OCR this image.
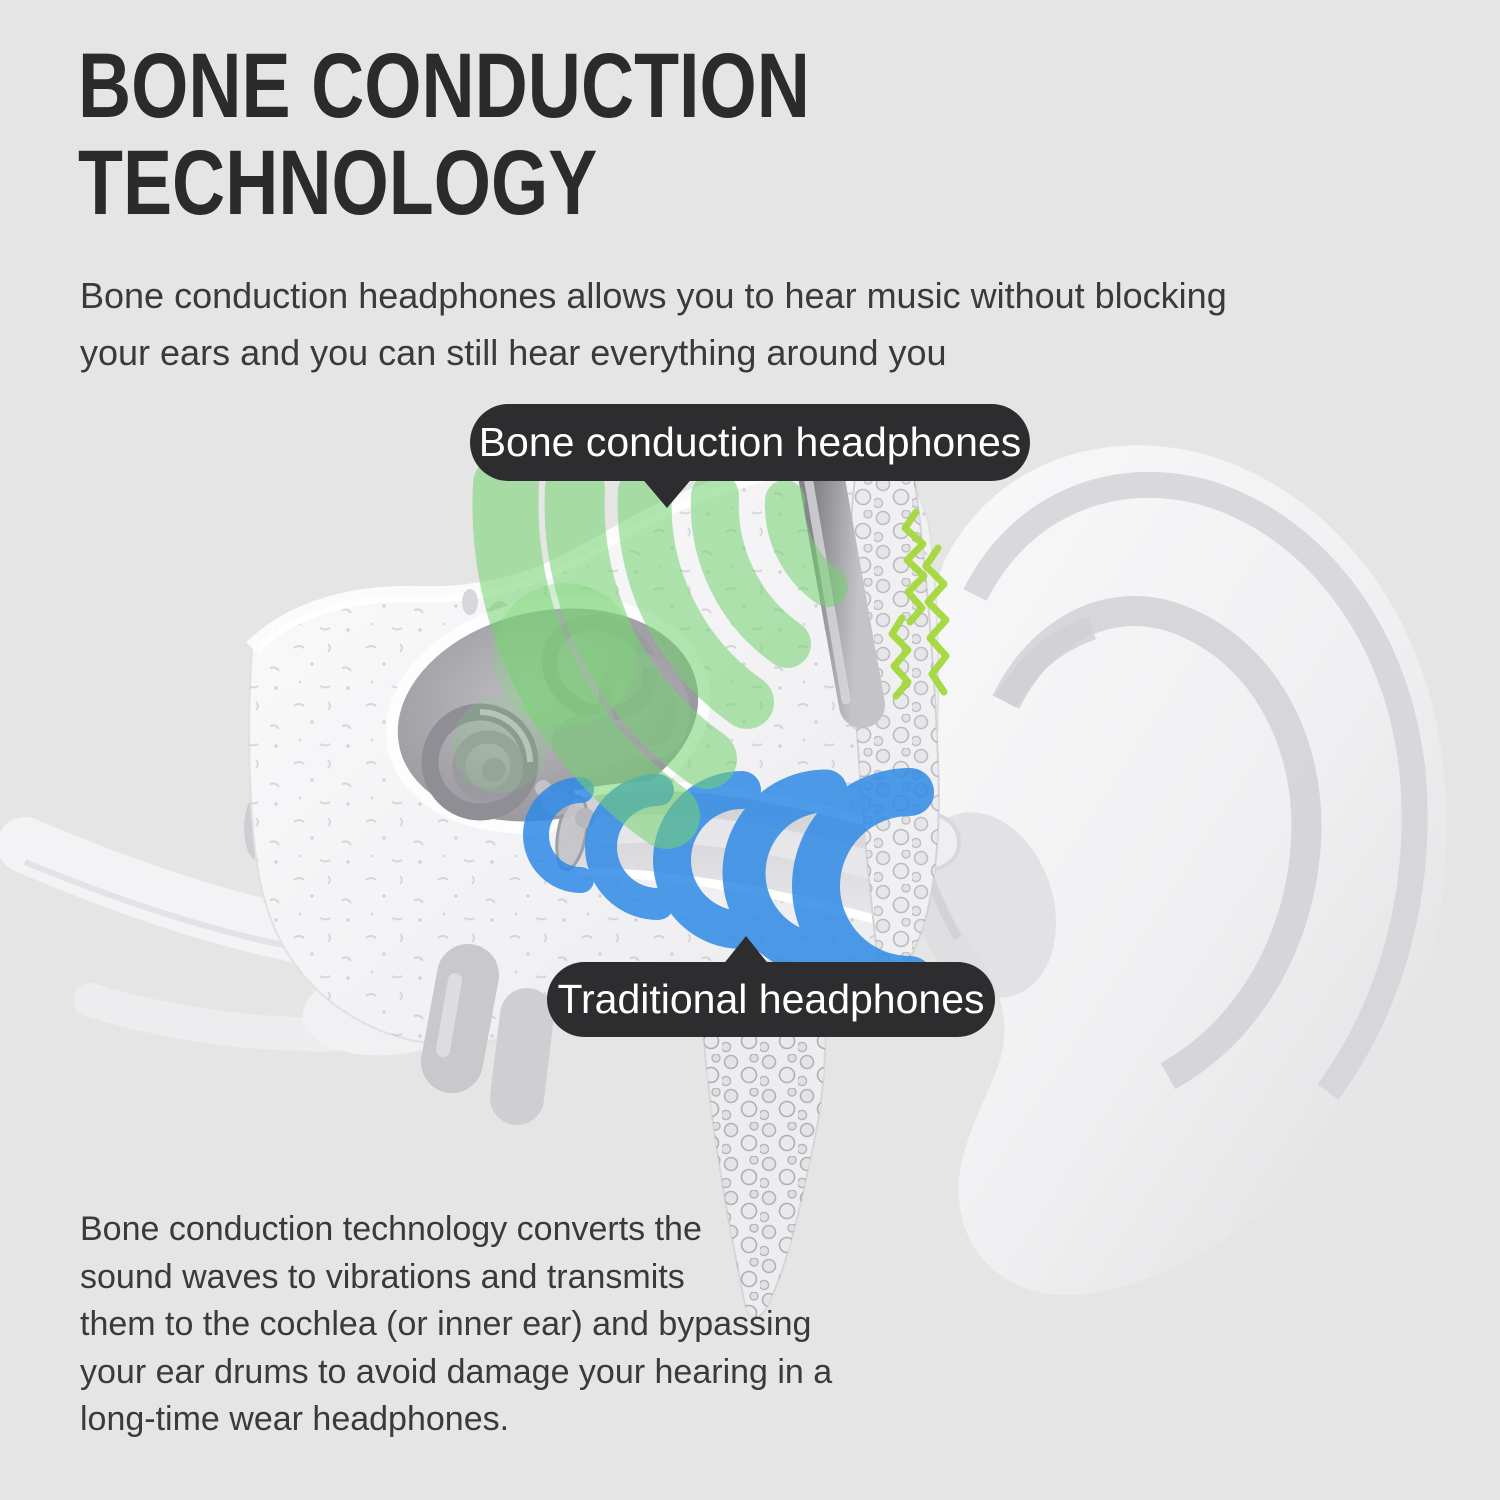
BONE CONDUCTION
TECHNOLOGY
Bone conduction headphones allows you to hear music without blocking
your ears and you can still hear everything around you
Bone conduction headphones
Traditional headphones
Bone conduction technology converts the
sound waves to vibrations and transmits
them to the cochlea (or inner ear) and bypassing
your ear drums to avoid damage your hearing in a
long-time wear headphones.
